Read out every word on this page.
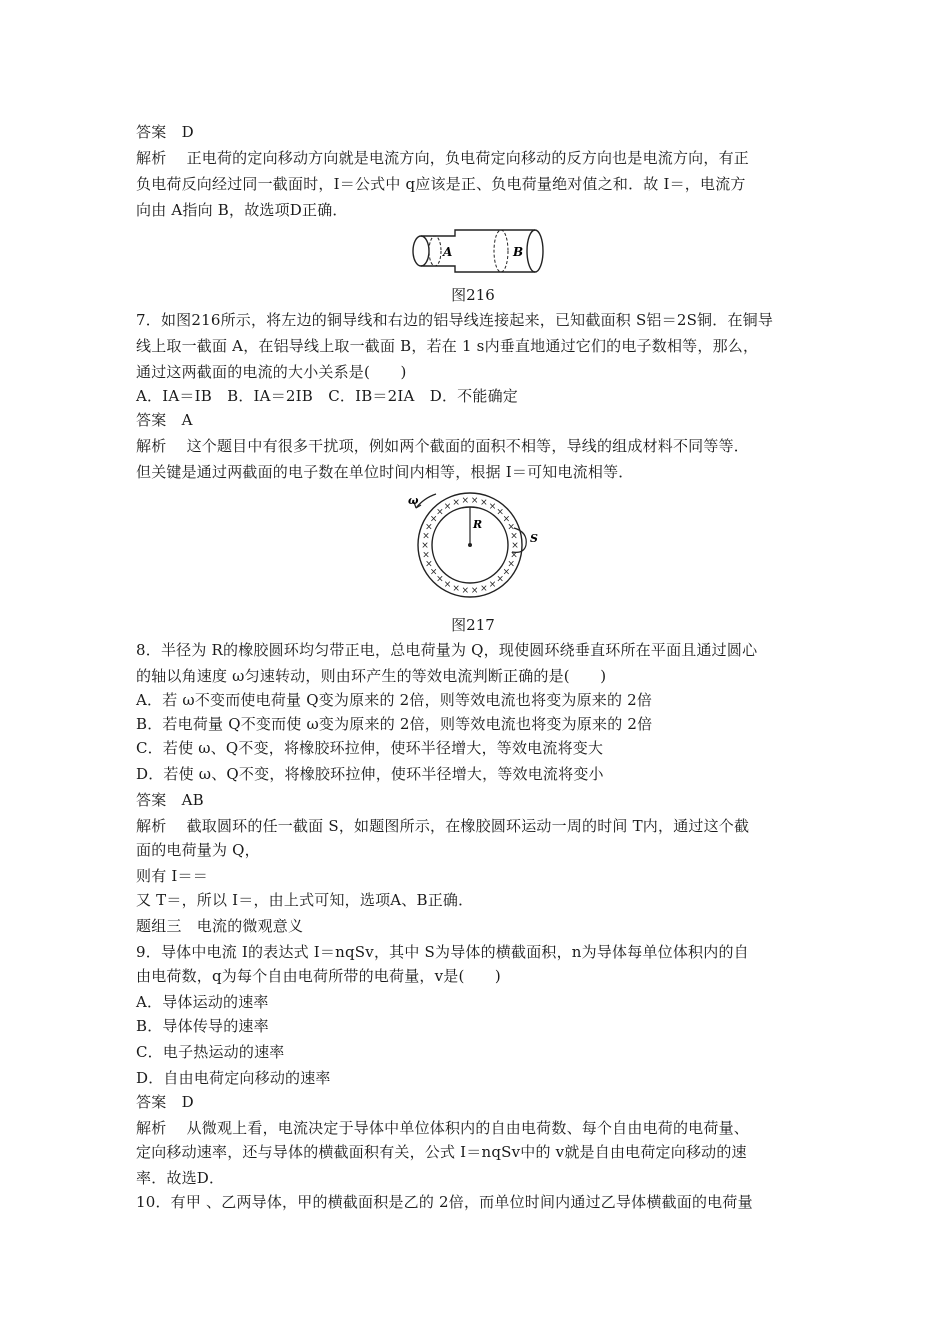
答案　D
解析　 正电荷的定向移动方向就是电流方向，负电荷定向移动的反方向也是电流方向，有正
负电荷反向经过同一截面时，I＝公式中 q应该是正、负电荷量绝对值之和．故 I＝，电流方
向由 A指向 B，故选项D正确．
A	B
图216
7．如图216所示，将左边的铜导线和右边的铝导线连接起来，已知截面积 S铝＝2S铜．在铜导
线上取一截面 A，在铝导线上取一截面 B，若在 1 s内垂直地通过它们的电子数相等，那么，
通过这两截面的电流的大小关系是(　　)
A．IA＝IB　B．IA＝2IB　C．IB＝2IA　D．不能确定
答案　A
解析　 这个题目中有很多干扰项，例如两个截面的面积不相等，导线的组成材料不同等等．
但关键是通过两截面的电子数在单位时间内相等，根据 I＝可知电流相等．
×
×
×
×
×
×
×
×
×
×
×
×
×
×
×
×
×
×
×
×
× × × × × ×
×
×
×
×
ω
R
S
图217
8．半径为 R的橡胶圆环均匀带正电，总电荷量为 Q，现使圆环绕垂直环所在平面且通过圆心
的轴以角速度 ω匀速转动，则由环产生的等效电流判断正确的是(　　)
A．若 ω不变而使电荷量 Q变为原来的 2倍，则等效电流也将变为原来的 2倍
B．若电荷量 Q不变而使 ω变为原来的 2倍，则等效电流也将变为原来的 2倍
C．若使 ω、Q不变，将橡胶环拉伸，使环半径增大，等效电流将变大
D．若使 ω、Q不变，将橡胶环拉伸，使环半径增大，等效电流将变小
答案　AB
解析　 截取圆环的任一截面 S，如题图所示，在橡胶圆环运动一周的时间 T内，通过这个截
面的电荷量为 Q，
则有 I＝＝
又 T＝，所以 I＝，由上式可知，选项A、B正确．
题组三　电流的微观意义
9．导体中电流 I的表达式 I＝nqSv，其中 S为导体的横截面积，n为导体每单位体积内的自
由电荷数，q为每个自由电荷所带的电荷量，v是(　　)
A．导体运动的速率
B．导体传导的速率
C．电子热运动的速率
D．自由电荷定向移动的速率
答案　D
解析　 从微观上看，电流决定于导体中单位体积内的自由电荷数、每个自由电荷的电荷量、
定向移动速率，还与导体的横截面积有关，公式 I＝nqSv中的 v就是自由电荷定向移动的速
率．故选D．
10．有甲 、乙两导体，甲的横截面积是乙的 2倍，而单位时间内通过乙导体横截面的电荷量
